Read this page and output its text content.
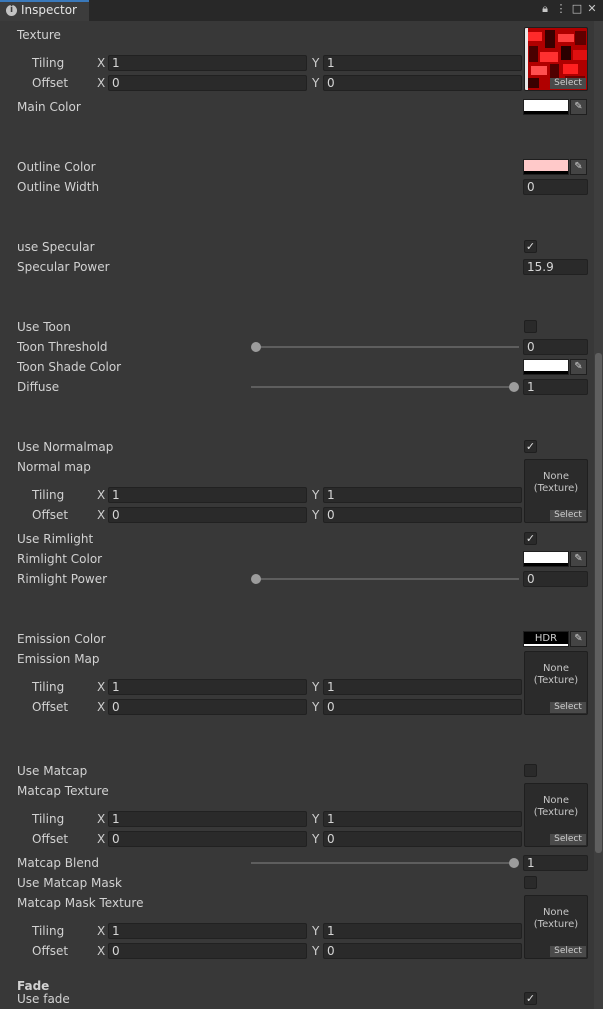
i Inspector	🔒︎ ⋮ □ ✕
Texture
Tiling	X 1	Y 1
Offset X 0	Y 0	Select
Main Color	✎
Outline Color	✎
Outline Width	0
use Specular	✓
Specular Power	15.9
Use Toon
Toon Threshold	0
Toon Shade Color	✎
Diffuse	1
Use Normalmap	✓
Normal map
None
(Texture)
Select
Tiling	X 1	Y 1
Offset X 0	Y 0
Use Rimlight	✓
Rimlight Color	✎
Rimlight Power	0
Emission Color	HDR	✎
Emission Map
None
(Texture)
Select
Tiling	X 1	Y 1
Offset X 0	Y 0
Use Matcap
Matcap Texture
None
(Texture)
Select
Tiling	X 1	Y 1
Offset X 0	Y 0
Matcap Blend	1
Use Matcap Mask
Matcap Mask Texture
None
(Texture)
Select
Tiling	X 1	Y 1
Offset X 0	Y 0
Fade
Use fade	✓
